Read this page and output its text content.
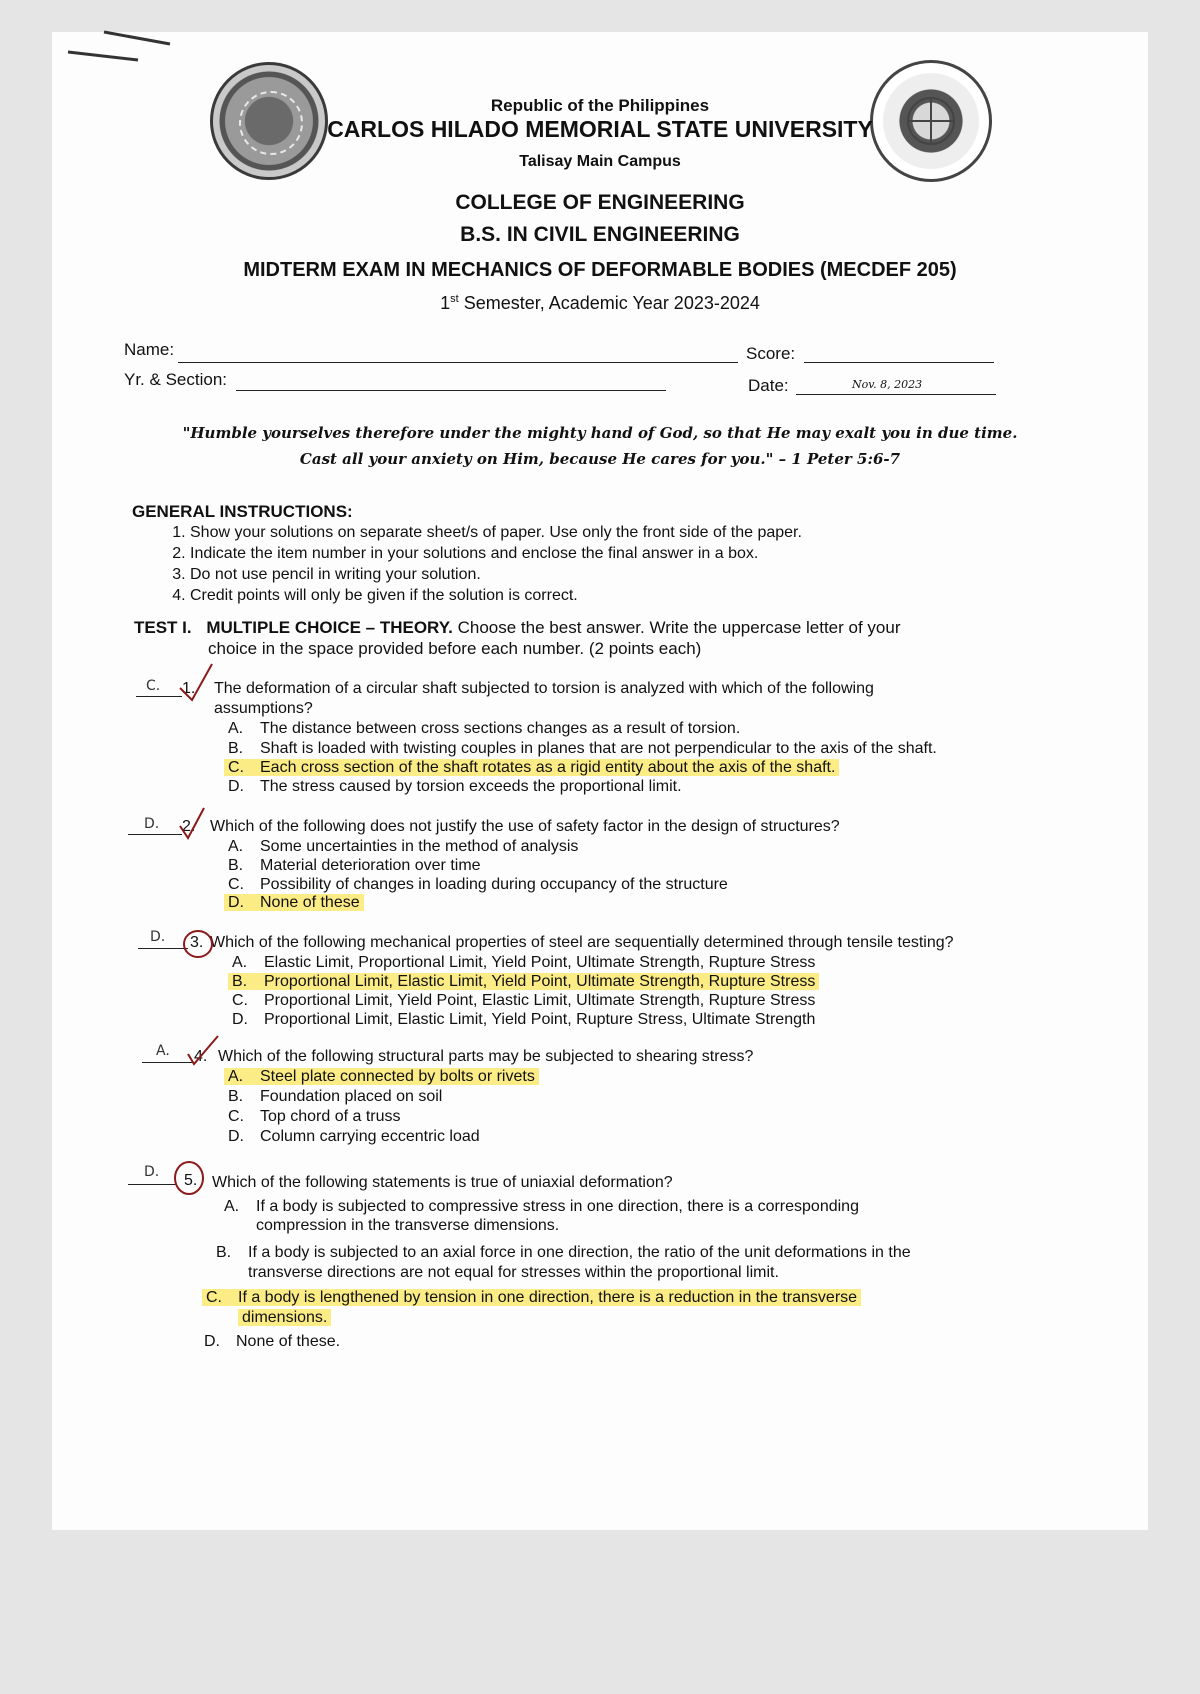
Republic of the Philippines
CARLOS HILADO MEMORIAL STATE UNIVERSITY
Talisay Main Campus
COLLEGE OF ENGINEERING
B.S. IN CIVIL ENGINEERING
MIDTERM EXAM IN MECHANICS OF DEFORMABLE BODIES (MECDEF 205)
1st Semester, Academic Year 2023-2024
Name:	Score:
Yr. & Section:	Date:	Nov. 8, 2023
"Humble yourselves therefore under the mighty hand of God, so that He may exalt you in due time.
Cast all your anxiety on Him, because He cares for you." – 1 Peter 5:6-7
GENERAL INSTRUCTIONS:
1. Show your solutions on separate sheet/s of paper. Use only the front side of the paper.
2. Indicate the item number in your solutions and enclose the final answer in a box.
3. Do not use pencil in writing your solution.
4. Credit points will only be given if the solution is correct.
TEST I. MULTIPLE CHOICE – THEORY. Choose the best answer. Write the uppercase letter of your
choice in the space provided before each number. (2 points each)
C. 1. The deformation of a circular shaft subjected to torsion is analyzed with which of the following
assumptions?
A. The distance between cross sections changes as a result of torsion.
B. Shaft is loaded with twisting couples in planes that are not perpendicular to the axis of the shaft.
C. Each cross section of the shaft rotates as a rigid entity about the axis of the shaft.
D. The stress caused by torsion exceeds the proportional limit.
D. 2. Which of the following does not justify the use of safety factor in the design of structures?
A. Some uncertainties in the method of analysis
B. Material deterioration over time
C. Possibility of changes in loading during occupancy of the structure
D. None of these
D. 3. Which of the following mechanical properties of steel are sequentially determined through tensile testing?
A. Elastic Limit, Proportional Limit, Yield Point, Ultimate Strength, Rupture Stress
B. Proportional Limit, Elastic Limit, Yield Point, Ultimate Strength, Rupture Stress
C. Proportional Limit, Yield Point, Elastic Limit, Ultimate Strength, Rupture Stress
D. Proportional Limit, Elastic Limit, Yield Point, Rupture Stress, Ultimate Strength
A. 4. Which of the following structural parts may be subjected to shearing stress?
A. Steel plate connected by bolts or rivets
B. Foundation placed on soil
C. Top chord of a truss
D. Column carrying eccentric load
D. 5. Which of the following statements is true of uniaxial deformation?
A. If a body is subjected to compressive stress in one direction, there is a corresponding
compression in the transverse dimensions.
B. If a body is subjected to an axial force in one direction, the ratio of the unit deformations in the
transverse directions are not equal for stresses within the proportional limit.
C. If a body is lengthened by tension in one direction, there is a reduction in the transverse
dimensions.
D. None of these.
